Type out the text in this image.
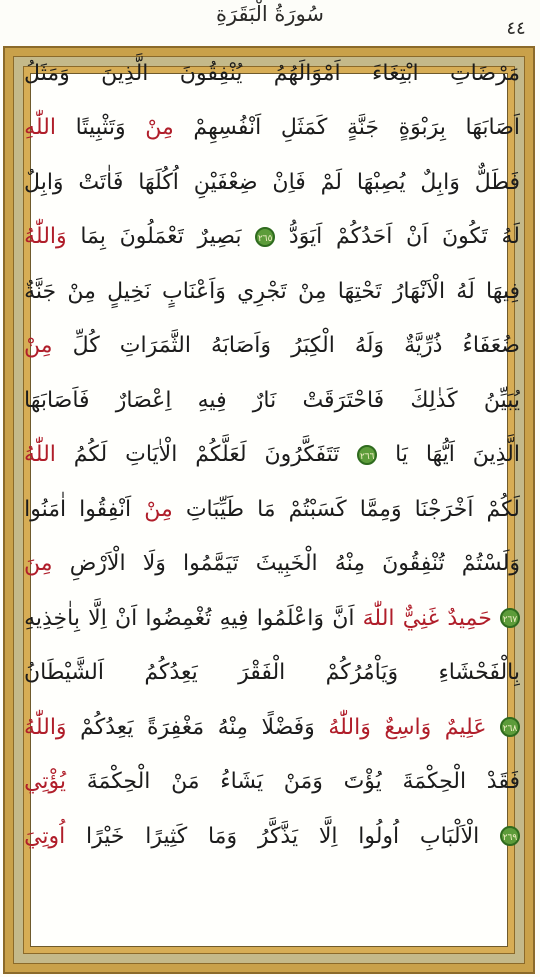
سُورَةُ الْبَقَرَةِ
٤٤
وَمَثَلُ الَّذِينَ يُنْفِقُونَ اَمْوَالَهُمُ ابْتِغَاءَ مَرْضَاتِ
اللّٰهِ وَتَثْبِيتًا مِنْ اَنْفُسِهِمْ كَمَثَلِ جَنَّةٍ بِرَبْوَةٍ اَصَابَهَا
وَابِلٌ فَاٰتَتْ اُكُلَهَا ضِعْفَيْنِ فَاِنْ لَمْ يُصِبْهَا وَابِلٌ فَطَلٌّ
وَاللّٰهُ بِمَا تَعْمَلُونَ بَصِيرٌ	٢٦٥ اَيَوَدُّ اَحَدُكُمْ اَنْ تَكُونَ لَهُ
جَنَّةٌ مِنْ نَخِيلٍ وَاَعْنَابٍ تَجْرِي مِنْ تَحْتِهَا الْاَنْهَارُ لَهُ فِيهَا
مِنْ كُلِّ الثَّمَرَاتِ وَاَصَابَهُ الْكِبَرُ وَلَهُ ذُرِّيَّةٌ ضُعَفَاءُ
فَاَصَابَهَا اِعْصَارٌ فِيهِ نَارٌ فَاحْتَرَقَتْ كَذٰلِكَ يُبَيِّنُ
اللّٰهُ لَكُمُ الْاٰيَاتِ لَعَلَّكُمْ تَتَفَكَّرُونَ	٢٦٦ يَا اَيُّهَا الَّذِينَ
اٰمَنُوا اَنْفِقُوا مِنْ طَيِّبَاتِ مَا كَسَبْتُمْ وَمِمَّا اَخْرَجْنَا لَكُمْ
مِنَ الْاَرْضِ وَلَا تَيَمَّمُوا الْخَبِيثَ مِنْهُ تُنْفِقُونَ وَلَسْتُمْ
بِاٰخِذِيهِ اِلَّا اَنْ تُغْمِضُوا فِيهِ وَاعْلَمُوا اَنَّ اللّٰهَ غَنِيٌّ حَمِيدٌ	٢٦٧
اَلشَّيْطَانُ يَعِدُكُمُ الْفَقْرَ وَيَاْمُرُكُمْ بِالْفَحْشَاءِ
وَاللّٰهُ يَعِدُكُمْ مَغْفِرَةً مِنْهُ وَفَضْلًا وَاللّٰهُ وَاسِعٌ عَلِيمٌ	٢٦٨
يُؤْتِي الْحِكْمَةَ مَنْ يَشَاءُ وَمَنْ يُؤْتَ الْحِكْمَةَ فَقَدْ
اُوتِيَ خَيْرًا كَثِيرًا وَمَا يَذَّكَّرُ اِلَّا اُولُوا الْاَلْبَابِ	٢٦٩
